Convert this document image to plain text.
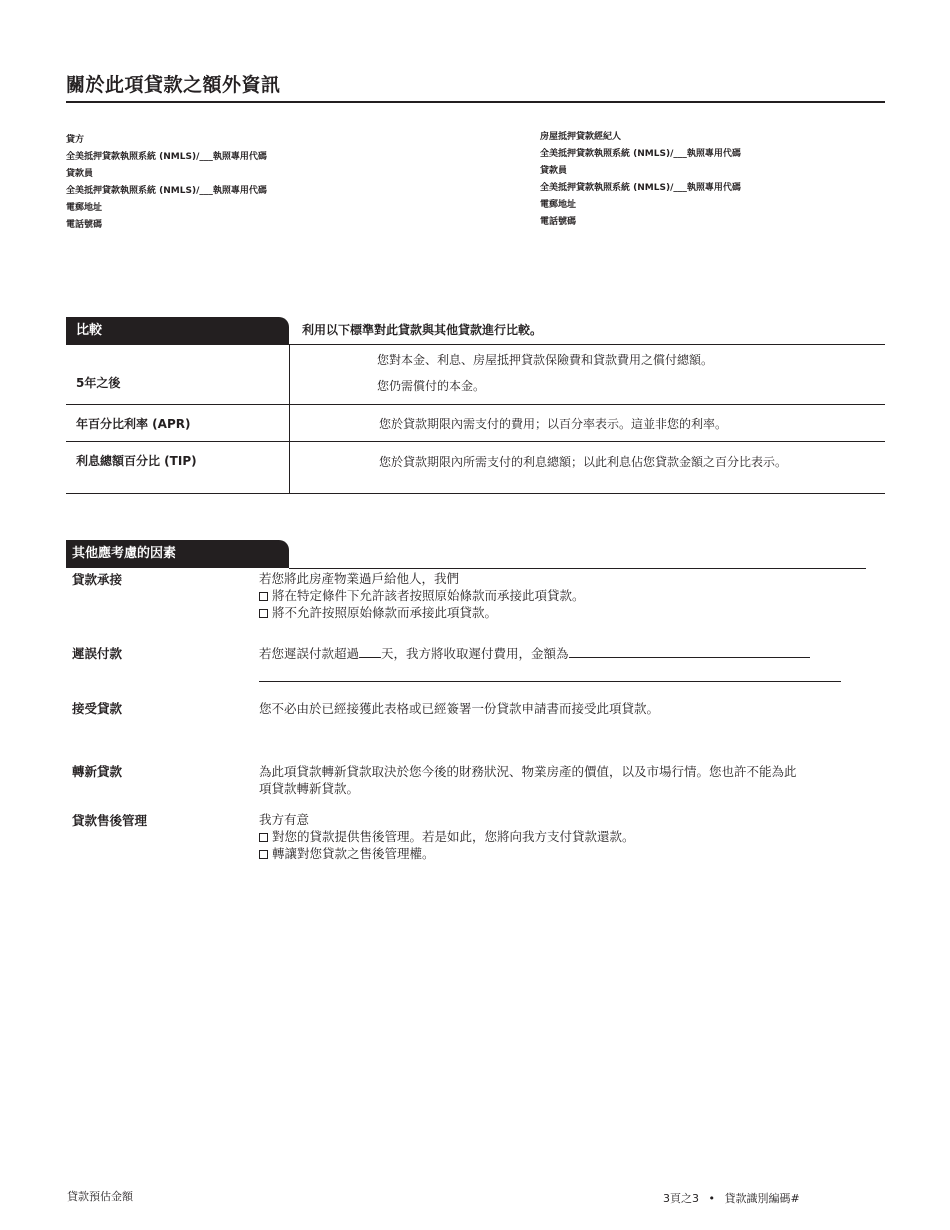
關於此項貸款之額外資訊
貸方
全美抵押貸款執照系統 (NMLS)/___執照專用代碼
貸款員
全美抵押貸款執照系統 (NMLS)/___執照專用代碼
電郵地址
電話號碼
房屋抵押貸款經紀人
全美抵押貸款執照系統 (NMLS)/___執照專用代碼
貸款員
全美抵押貸款執照系統 (NMLS)/___執照專用代碼
電郵地址
電話號碼
比較	利用以下標準對此貸款與其他貸款進行比較。
5年之後
您對本金、利息、房屋抵押貸款保險費和貸款費用之償付總額。
您仍需償付的本金。
年百分比利率 (APR)	您於貸款期限內需支付的費用；以百分率表示。這並非您的利率。
利息總額百分比 (TIP)	您於貸款期限內所需支付的利息總額；以此利息佔您貸款金額之百分比表示。
其他應考慮的因素
貸款承接	若您將此房產物業過戶給他人，我們
將在特定條件下允許該者按照原始條款而承接此項貸款。
將不允許按照原始條款而承接此項貸款。
遲誤付款	若您遲誤付款超過 天，我方將收取遲付費用，金額為
接受貸款	您不必由於已經接獲此表格或已經簽署一份貸款申請書而接受此項貸款。
轉新貸款	為此項貸款轉新貸款取決於您今後的財務狀況、物業房產的價值，以及市場行情。您也許不能為此
項貸款轉新貸款。
貸款售後管理	我方有意
對您的貸款提供售後管理。若是如此，您將向我方支付貸款還款。
轉讓對您貸款之售後管理權。
貸款預估金額	3頁之3 • 貸款識別編碼#
